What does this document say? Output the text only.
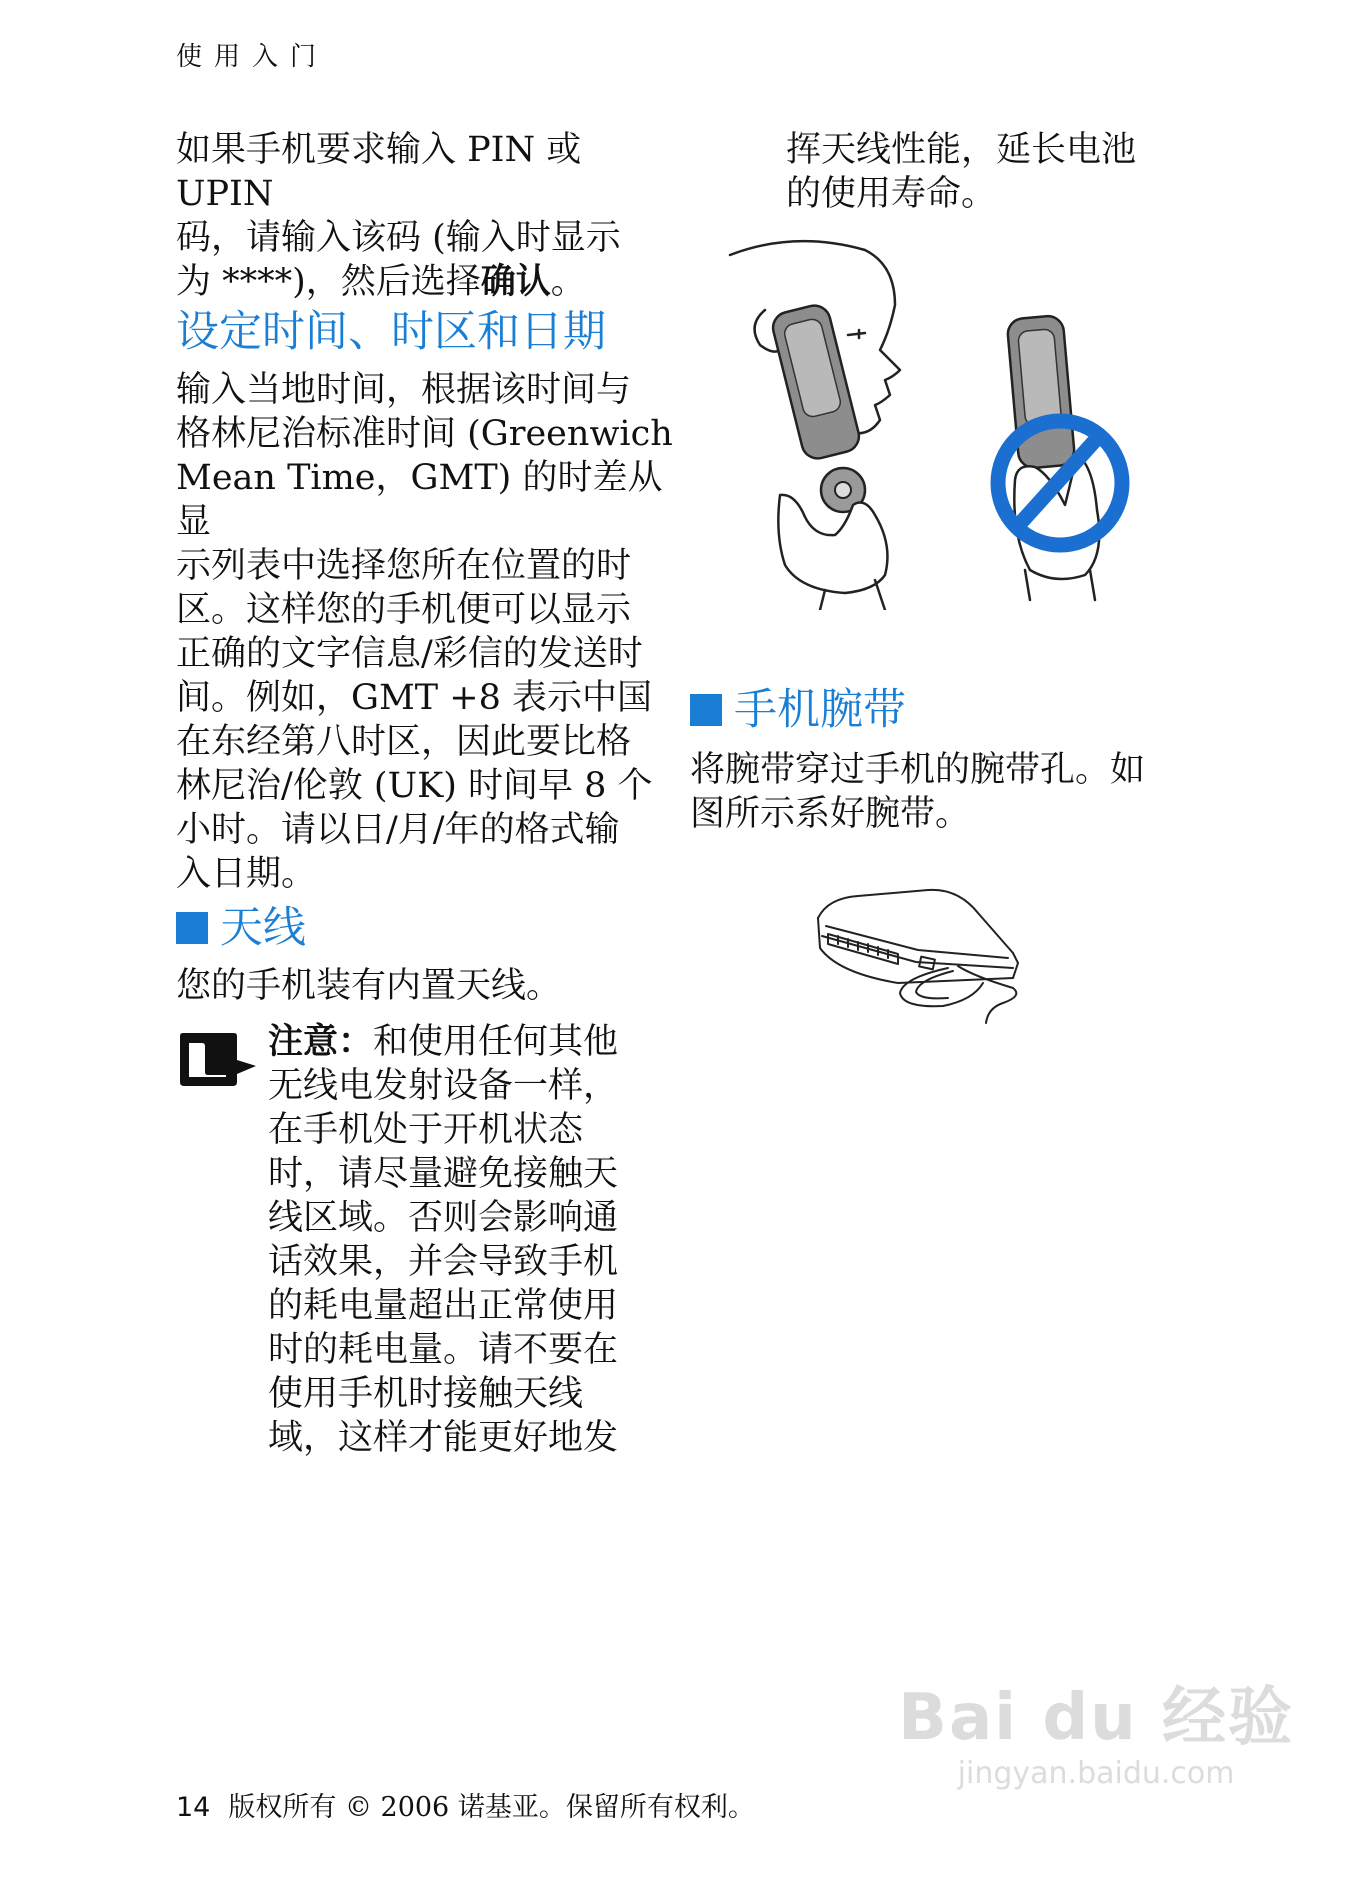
使用入门

如果手机要求输入 PIN 或UPIN

码，请输入该码 (输入时显示

为 ****)，然后选择确认。

设定时间、时区和日期

输入当地时间，根据该时间与

格林尼治标准时间 (Greenwich

Mean Time，GMT) 的时差从显

示列表中选择您所在位置的时

区。这样您的手机便可以显示

正确的文字信息/彩信的发送时

间。例如，GMT +8 表示中国

在东经第八时区，因此要比格

林尼治/伦敦 (UK) 时间早 8 个

小时。请以日/月/年的格式输

入日期。

天线
您的手机装有内置天线。

注意：和使用任何其他

无线电发射设备一样，

在手机处于开机状态

时，请尽量避免接触天

线区域。否则会影响通

话效果，并会导致手机

的耗电量超出正常使用

时的耗电量。请不要在

使用手机时接触天线

域，这样才能更好地发

挥天线性能，延长电池

的使用寿命。

手机腕带

将腕带穿过手机的腕带孔。如

图所示系好腕带。

14 版权所有 © 2006 诺基亚。保留所有权利。
Bai du 经验
jingyan.baidu.com
